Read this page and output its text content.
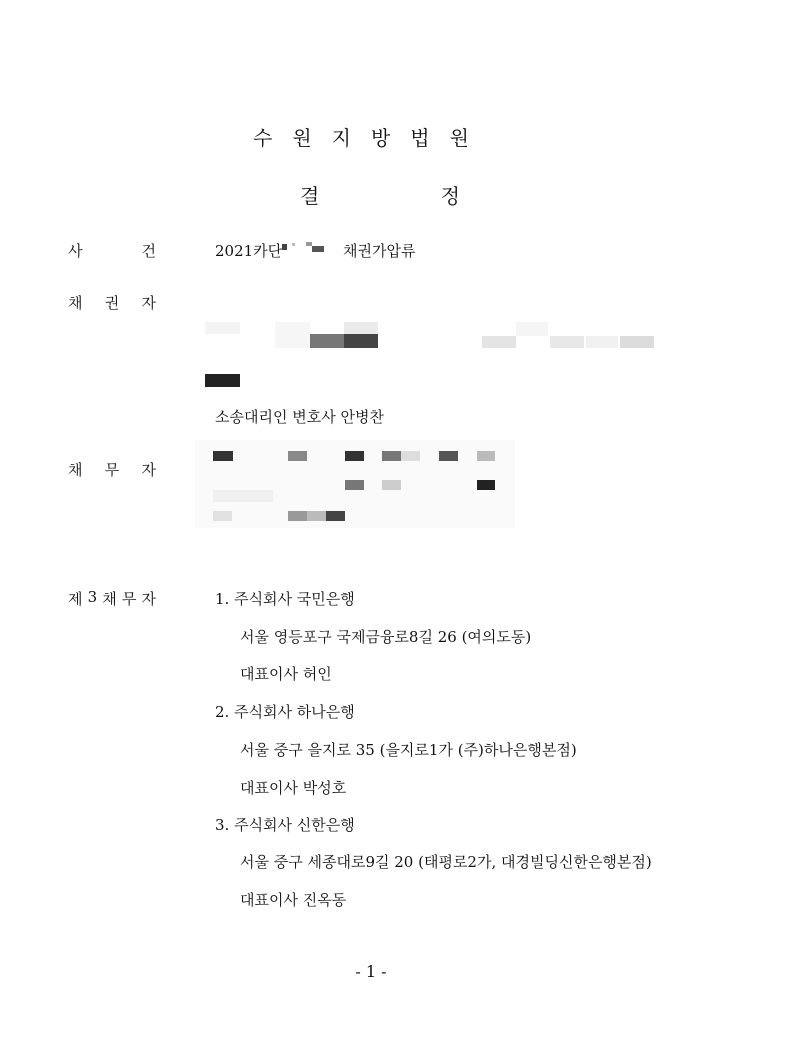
수원지방법원
결	정
사	건	2021카단	채권가압류
채 권 자
소송대리인 변호사 안병찬
채 무 자
제 3 채 무 자	1. 주식회사 국민은행
서울 영등포구 국제금융로8길 26 (여의도동)
대표이사 허인
2. 주식회사 하나은행
서울 중구 을지로 35 (을지로1가 (주)하나은행본점)
대표이사 박성호
3. 주식회사 신한은행
서울 중구 세종대로9길 20 (태평로2가, 대경빌딩신한은행본점)
대표이사 진옥동
- 1 -
